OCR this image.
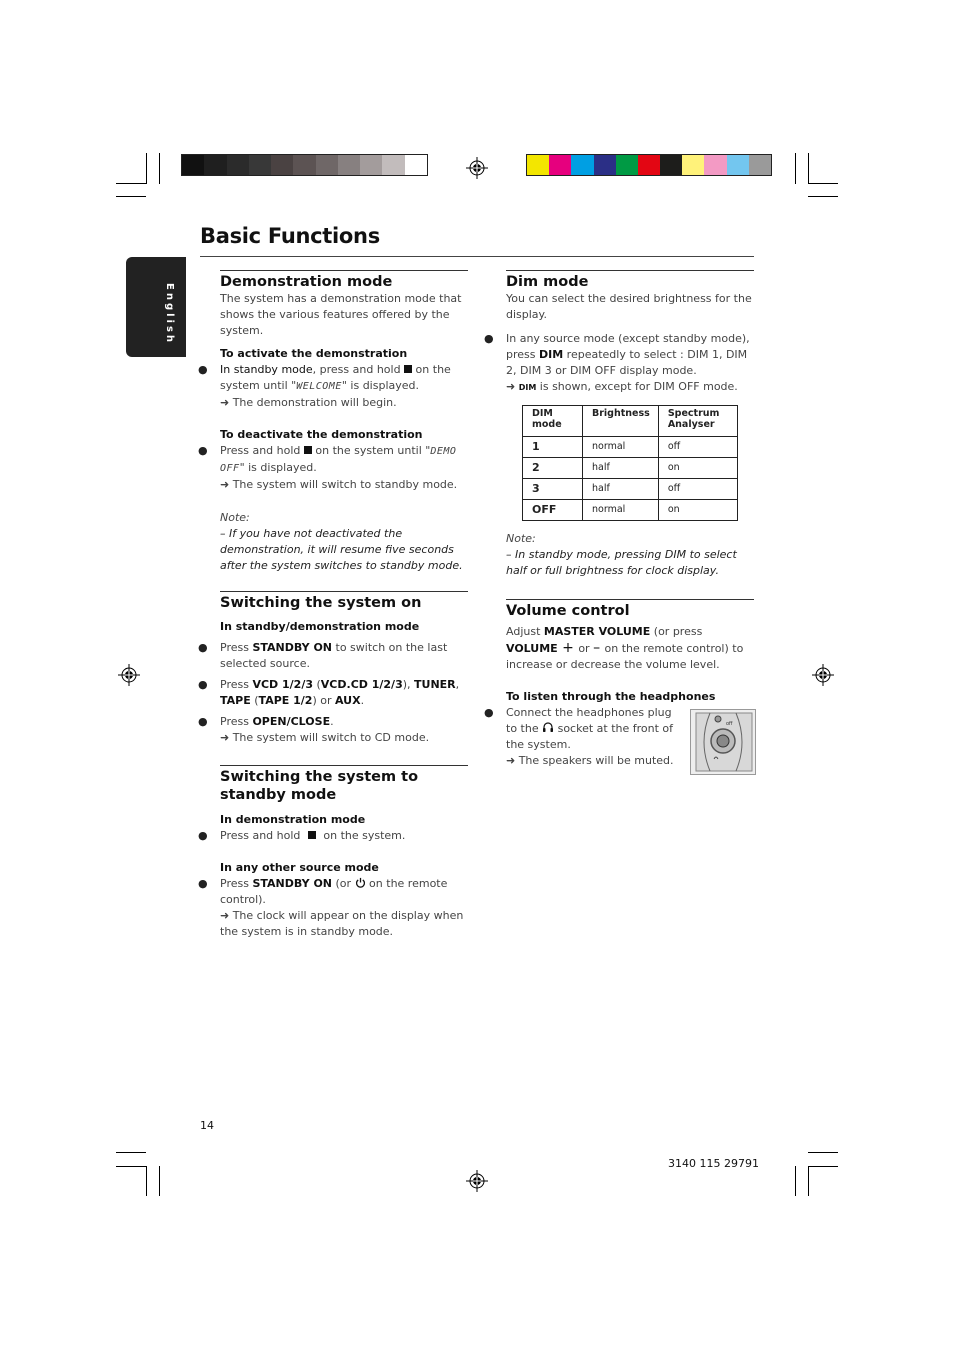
Basic Functions
English
Demonstration mode
The system has a demonstration mode that shows the various features offered by the system.
To activate the demonstration
● In standby mode, press and hold  on the system until "WELCOME" is displayed.
➜ The demonstration will begin.
To deactivate the demonstration
● Press and hold  on the system until "DEMO OFF" is displayed.
➜ The system will switch to standby mode.
Note:
– If you have not deactivated the demonstration, it will resume five seconds after the system switches to standby mode.
Switching the system on
In standby/demonstration mode
● Press STANDBY ON to switch on the last selected source.
● Press VCD 1/2/3 (VCD.CD 1/2/3), TUNER, TAPE (TAPE 1/2) or AUX.
● Press OPEN/CLOSE.
➜ The system will switch to CD mode.
Switching the system to standby mode
In demonstration mode
● Press and hold  on the system.
In any other source mode
● Press STANDBY ON (or  on the remote control).
➜ The clock will appear on the display when the system is in standby mode.
Dim mode
You can select the desired brightness for the display.
● In any source mode (except standby mode), press DIM repeatedly to select : DIM 1, DIM 2, DIM 3 or DIM OFF display mode.
➜ DIM is shown, except for DIM OFF mode.
DIM mode	Brightness	Spectrum Analyser
1	normal	off
2	half	on
3	half	off
OFF	normal	on
Note:
– In standby mode, pressing DIM to select half or full brightness for clock display.
Volume control
Adjust MASTER VOLUME (or press VOLUME + or – on the remote control) to increase or decrease the volume level.
To listen through the headphones
● Connect the headphones plug to the  socket at the front of the system.
➜ The speakers will be muted.
off
14
3140 115 29791
